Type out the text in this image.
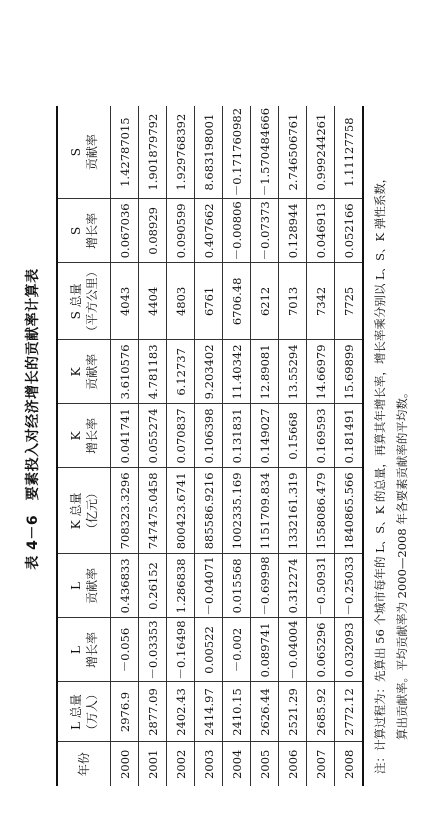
表 4－6　要素投入对经济增长的贡献率计算表
年份	L 总量 （万人）	L 增长率	L 贡献率	K 总量 （亿元）	K 增长率	K 贡献率	S 总量 （平方公里）	S 增长率	S 贡献率

2000	2976.9	－0.056	0.436833	708323.3296	0.041741	3.610576	4043	0.067036	1.42787015
2001	2877.09	－0.03353	0.26152	747475.0458	0.055274	4.781183	4404	0.08929	1.901879792
2002	2402.43	－0.16498	1.286838	800423.6741	0.070837	6.12737	4803	0.090599	1.929768392
2003	2414.97	0.00522	－0.04071	885586.9216	0.106398	9.203402	6761	0.407662	8.683198001
2004	2410.15	－0.002	0.015568	1002335.169	0.131831	11.40342	6706.48	－0.00806	－0.171760982
2005	2626.44	0.089741	－0.69998	1151709.834	0.149027	12.89081	6212	－0.07373	－1.570484666
2006	2521.29	－0.04004	0.312274	1332161.319	0.15668	13.55294	7013	0.128944	2.746506761
2007	2685.92	0.065296	－0.50931	1558086.479	0.169593	14.66979	7342	0.046913	0.999244261
2008	2772.12	0.032093	－0.25033	1840865.566	0.181491	15.69899	7725	0.052166	1.11127758

注：计算过程为：先算出 56 个城市每年的 L、S、K 的总量，再算其年增长率，增长率乘分别以 L、S、K 弹性系数， 算出贡献率。平均贡献率为 2000—2008 年各要素贡献率的平均数。
